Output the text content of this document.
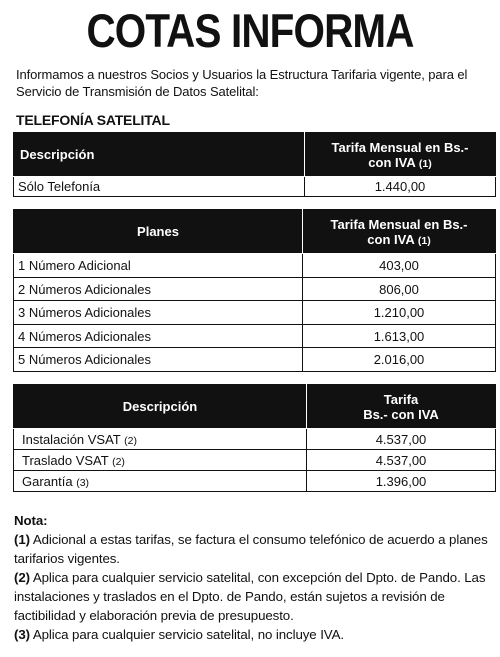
COTAS INFORMA
Informamos a nuestros Socios y Usuarios la Estructura Tarifaria vigente, para el Servicio de Transmisión de Datos Satelital:
TELEFONÍA SATELITAL
Descripción	Tarifa Mensual en Bs.-
con IVA (1)

Sólo Telefonía	1.440,00
Planes	Tarifa Mensual en Bs.-
con IVA (1)

1 Número Adicional	403,00
2 Números Adicionales	806,00
3 Números Adicionales	1.210,00
4 Números Adicionales	1.613,00
5 Números Adicionales	2.016,00
Descripción	Tarifa
Bs.- con IVA

Instalación VSAT (2)	4.537,00
Traslado VSAT (2)	4.537,00
Garantía (3)	1.396,00
Nota:
(1) Adicional a estas tarifas, se factura el consumo telefónico de acuerdo a planes tarifarios vigentes.
(2) Aplica para cualquier servicio satelital, con excepción del Dpto. de Pando. Las instalaciones y traslados en el Dpto. de Pando, están sujetos a revisión de factibilidad y elaboración previa de presupuesto.
(3) Aplica para cualquier servicio satelital, no incluye IVA.
